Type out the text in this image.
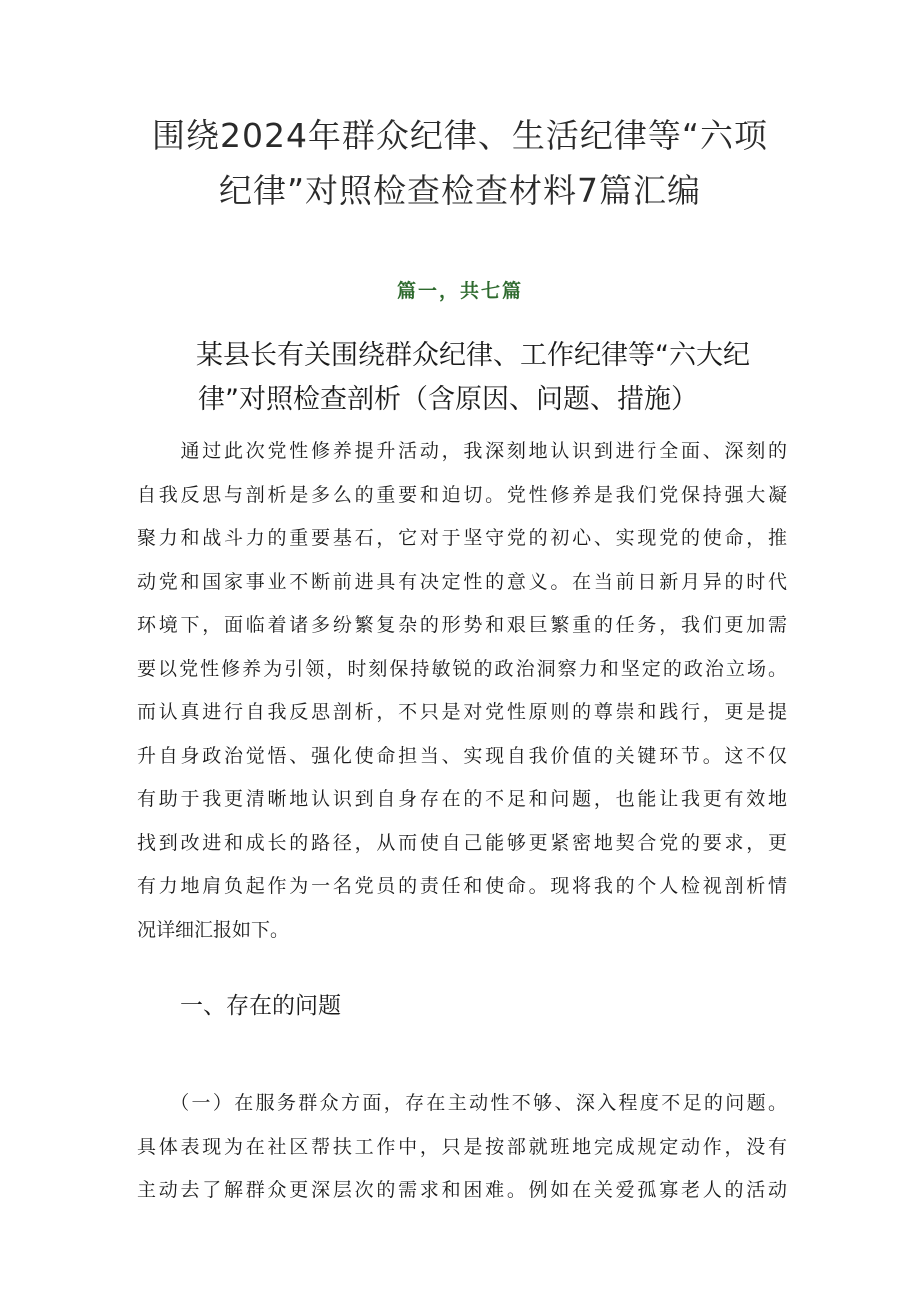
围绕2024年群众纪律、生活纪律等“六项
纪律”对照检查检查材料7篇汇编
篇一，共七篇
某县长有关围绕群众纪律、工作纪律等“六大纪
律”对照检查剖析（含原因、问题、措施）
　　通过此次党性修养提升活动，我深刻地认识到进行全面、深刻的
自我反思与剖析是多么的重要和迫切。党性修养是我们党保持强大凝
聚力和战斗力的重要基石，它对于坚守党的初心、实现党的使命，推
动党和国家事业不断前进具有决定性的意义。在当前日新月异的时代
环境下，面临着诸多纷繁复杂的形势和艰巨繁重的任务，我们更加需
要以党性修养为引领，时刻保持敏锐的政治洞察力和坚定的政治立场。
而认真进行自我反思剖析，不只是对党性原则的尊崇和践行，更是提
升自身政治觉悟、强化使命担当、实现自我价值的关键环节。这不仅
有助于我更清晰地认识到自身存在的不足和问题，也能让我更有效地
找到改进和成长的路径，从而使自己能够更紧密地契合党的要求，更
有力地肩负起作为一名党员的责任和使命。现将我的个人检视剖析情
况详细汇报如下。
一、存在的问题
　　（一）在服务群众方面，存在主动性不够、深入程度不足的问题。
具体表现为在社区帮扶工作中，只是按部就班地完成规定动作，没有
主动去了解群众更深层次的需求和困难。例如在关爱孤寡老人的活动
